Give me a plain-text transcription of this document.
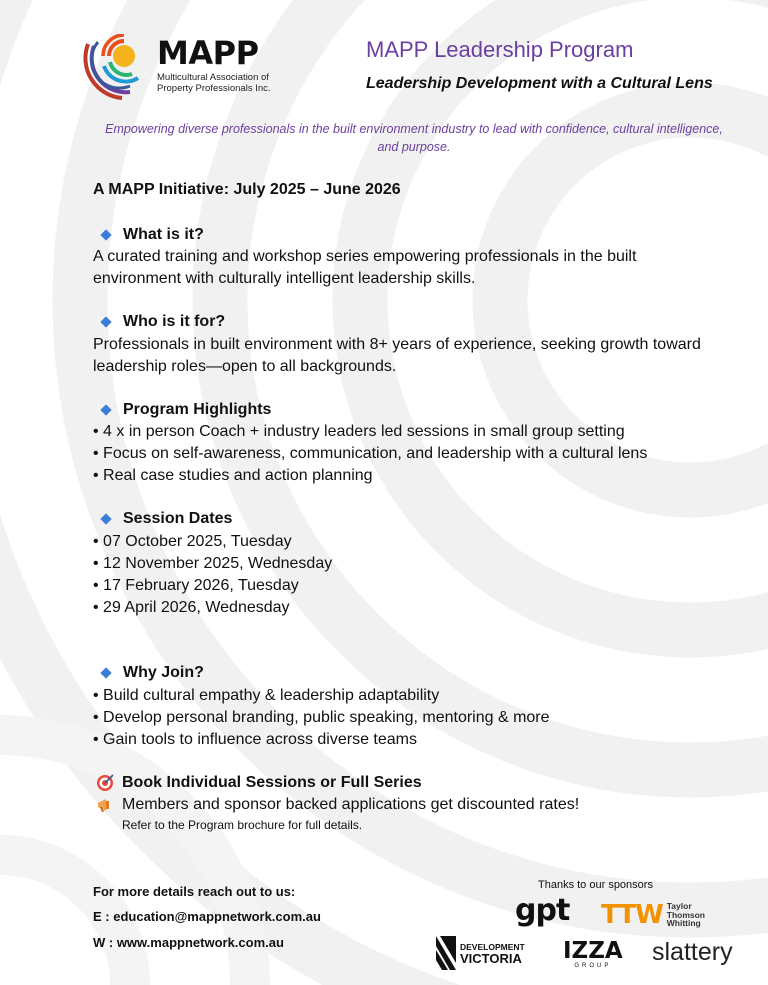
MAPP
Multicultural Association of Property Professionals Inc.
MAPP Leadership Program
Leadership Development with a Cultural Lens
Empowering diverse professionals in the built environment industry to lead with confidence, cultural intelligence, and purpose.
A MAPP Initiative: July 2025 – June 2026
What is it?
A curated training and workshop series empowering professionals in the built environment with culturally intelligent leadership skills.
Who is it for?
Professionals in built environment with 8+ years of experience, seeking growth toward leadership roles—open to all backgrounds.
Program Highlights
• 4 x in person Coach + industry leaders led sessions in small group setting
• Focus on self-awareness, communication, and leadership with a cultural lens
• Real case studies and action planning
Session Dates
• 07 October 2025, Tuesday
• 12 November 2025, Wednesday
• 17 February 2026, Tuesday
• 29 April 2026, Wednesday
Why Join?
• Build cultural empathy & leadership adaptability
• Develop personal branding, public speaking, mentoring & more
• Gain tools to influence across diverse teams
Book Individual Sessions or Full Series
Members and sponsor backed applications get discounted rates!
Refer to the Program brochure for full details.
For more details reach out to us:
E : education@mappnetwork.com.au
W : www.mappnetwork.com.au
Thanks to our sponsors
gpt TTW Taylor
Thomson
Whitting
DEVELOPMENT
VICTORIA IZZA
GROUP slattery
